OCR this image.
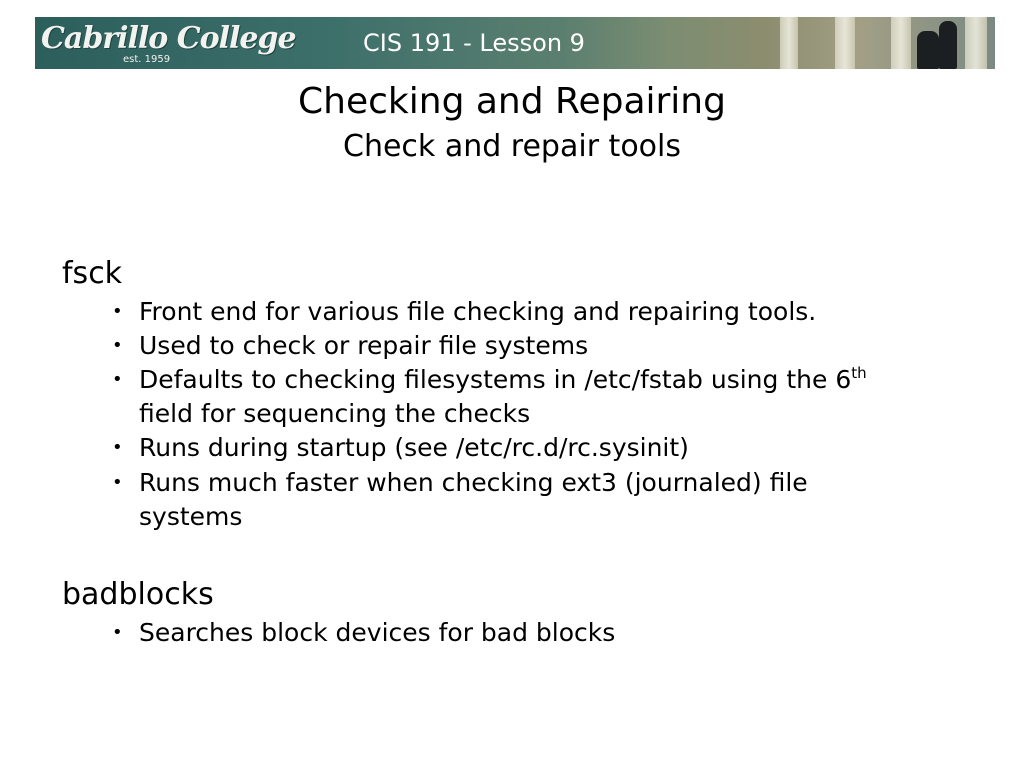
Cabrillo College
est. 1959
CIS 191 - Lesson 9
Checking and Repairing
Check and repair tools
fsck
• Front end for various file checking and repairing tools.
• Used to check or repair file systems
• Defaults to checking filesystems in /etc/fstab using the 6th
field for sequencing the checks
• Runs during startup (see /etc/rc.d/rc.sysinit)
• Runs much faster when checking ext3 (journaled) file
systems
badblocks
• Searches block devices for bad blocks
